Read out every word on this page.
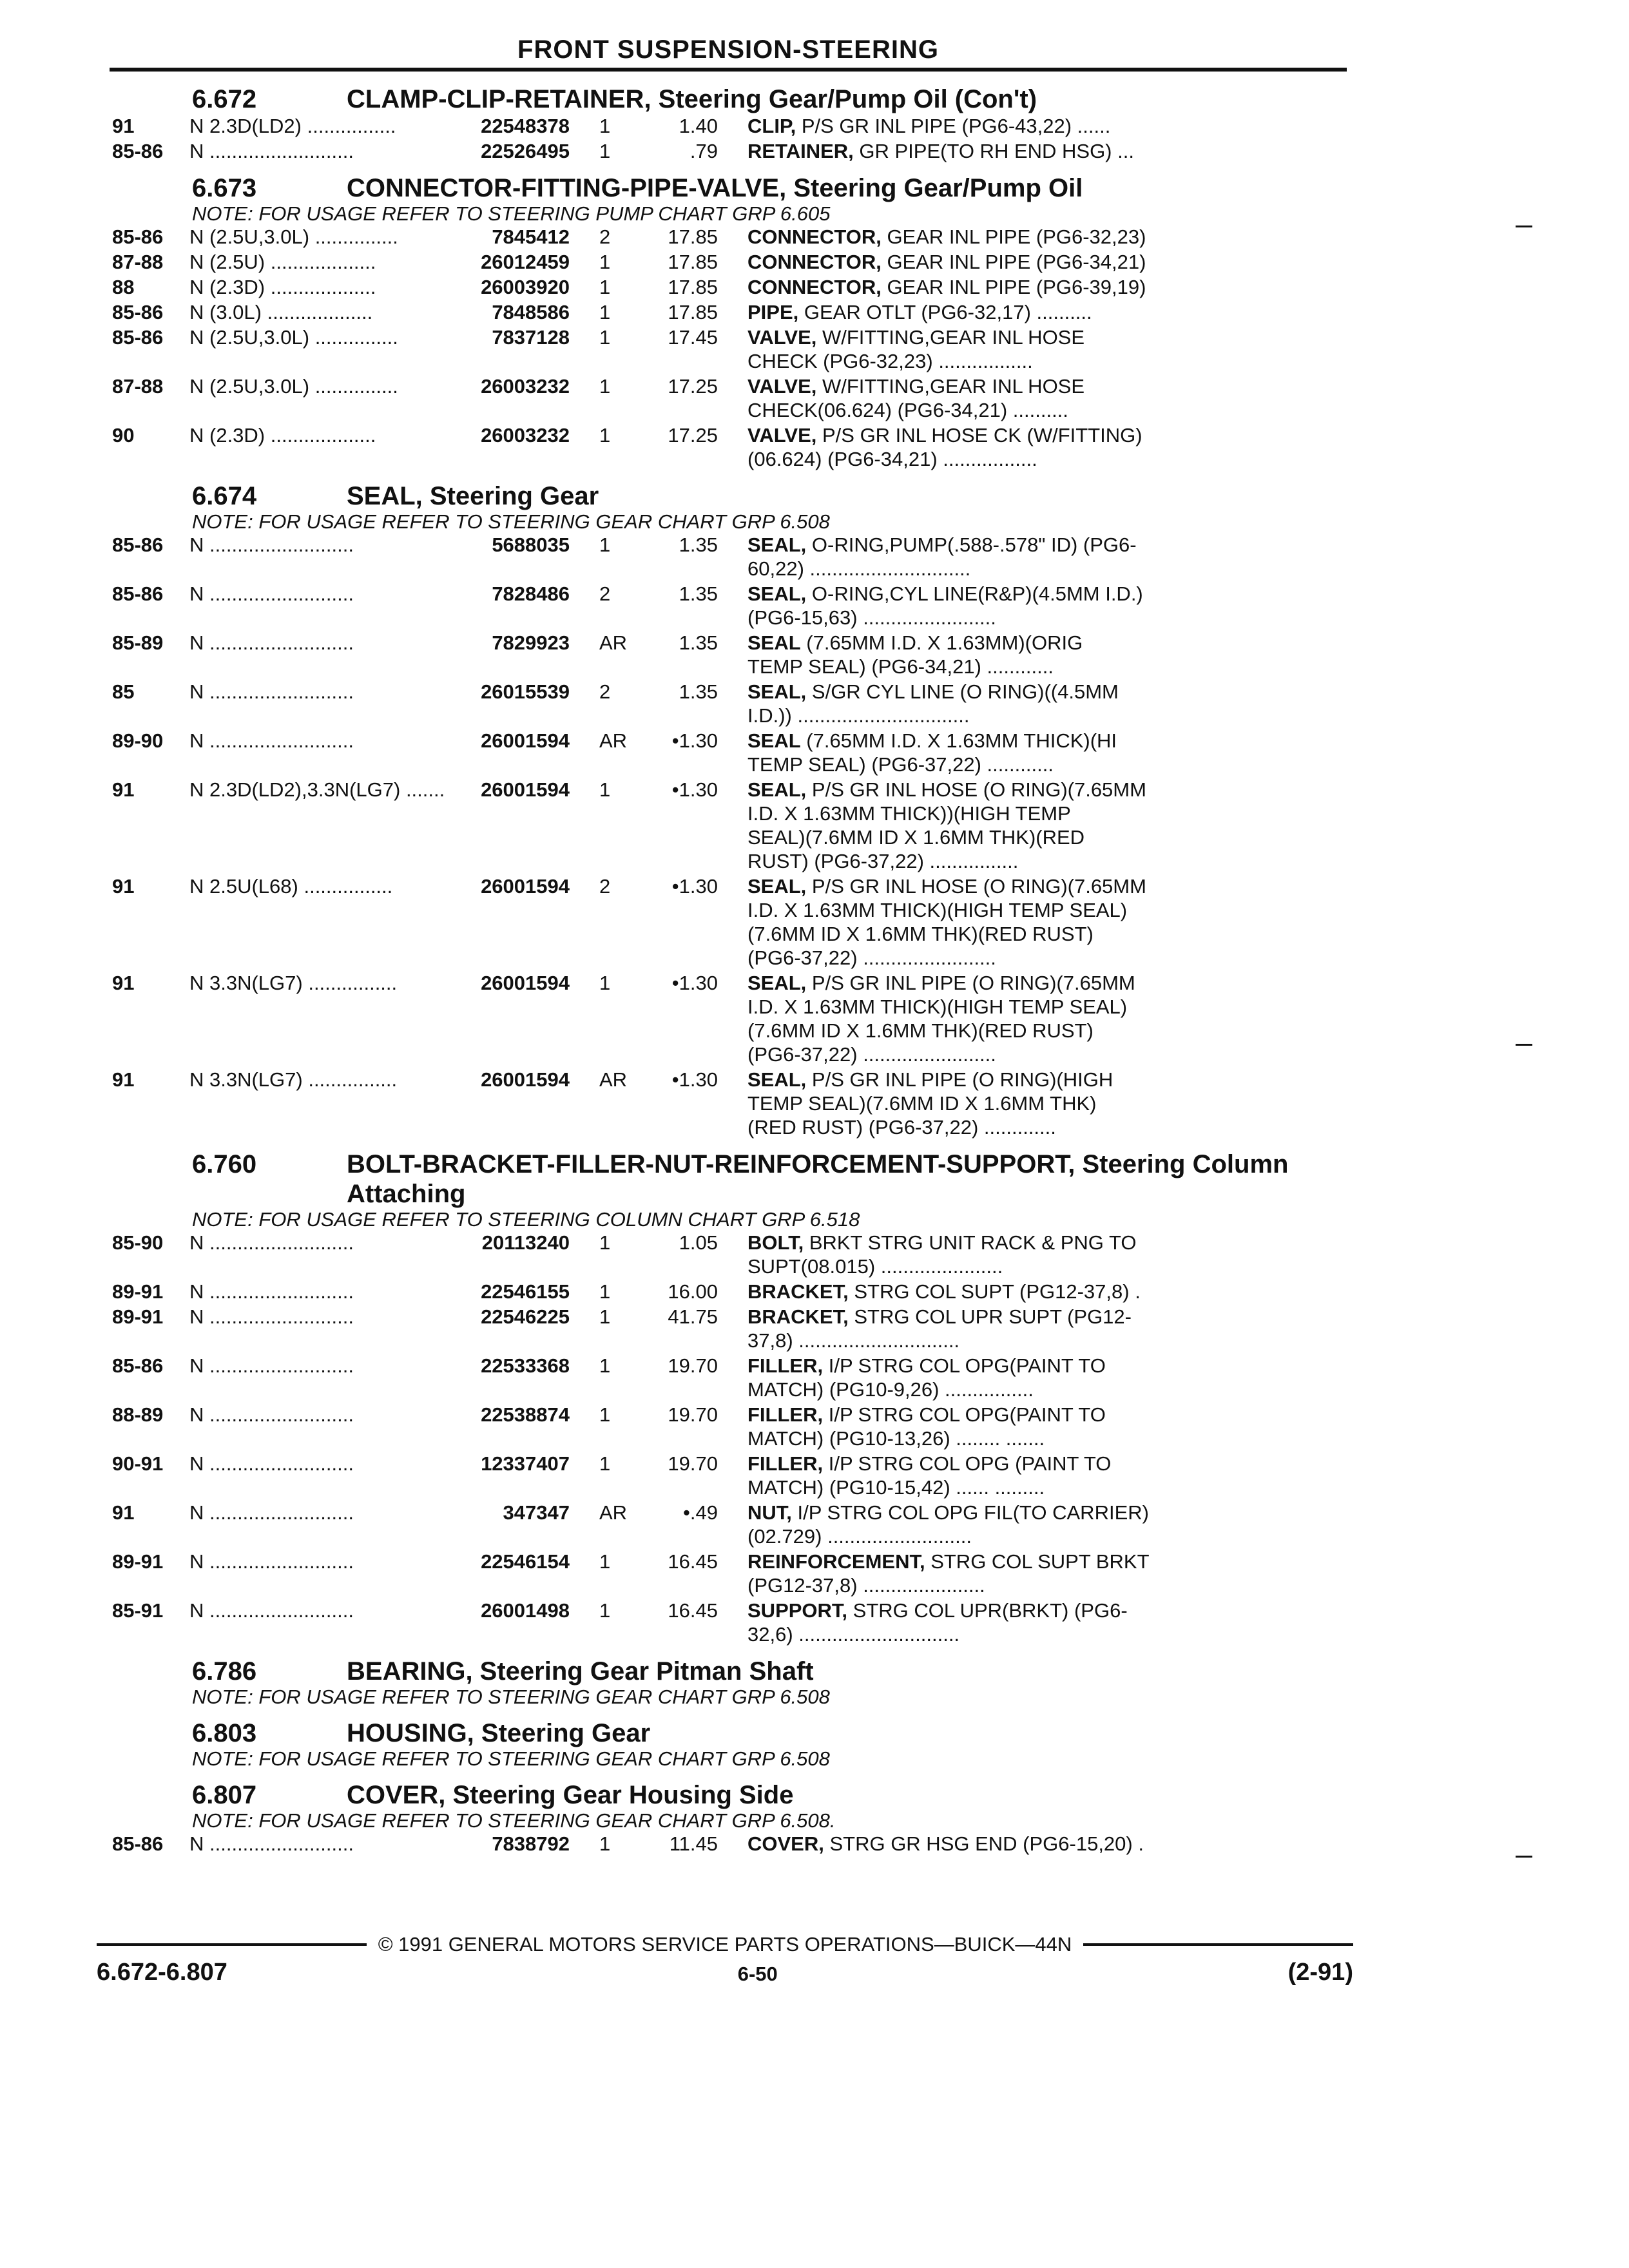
FRONT SUSPENSION-STEERING
6.672	CLAMP-CLIP-RETAINER, Steering Gear/Pump Oil (Con't)
91	N 2.3D(LD2) ................	22548378	1	1.40	CLIP, P/S GR INL PIPE (PG6-43,22) ......
85-86	N ..........................	22526495	1	.79	RETAINER, GR PIPE(TO RH END HSG) ...
6.673	CONNECTOR-FITTING-PIPE-VALVE, Steering Gear/Pump Oil
NOTE: FOR USAGE REFER TO STEERING PUMP CHART GRP 6.605
85-86	N (2.5U,3.0L) ...............	7845412	2	17.85	CONNECTOR, GEAR INL PIPE (PG6-32,23)
87-88	N (2.5U) ...................	26012459	1	17.85	CONNECTOR, GEAR INL PIPE (PG6-34,21)
88	N (2.3D) ...................	26003920	1	17.85	CONNECTOR, GEAR INL PIPE (PG6-39,19)
85-86	N (3.0L) ...................	7848586	1	17.85	PIPE, GEAR OTLT (PG6-32,17) ..........
85-86	N (2.5U,3.0L) ...............	7837128	1	17.45	VALVE, W/FITTING,GEAR INL HOSE
CHECK (PG6-32,23) .................
87-88	N (2.5U,3.0L) ...............	26003232	1	17.25	VALVE, W/FITTING,GEAR INL HOSE
CHECK(06.624) (PG6-34,21) ..........
90	N (2.3D) ...................	26003232	1	17.25	VALVE, P/S GR INL HOSE CK (W/FITTING)
(06.624) (PG6-34,21) .................
6.674	SEAL, Steering Gear
NOTE: FOR USAGE REFER TO STEERING GEAR CHART GRP 6.508
85-86	N ..........................	5688035	1	1.35	SEAL, O-RING,PUMP(.588-.578" ID) (PG6-
60,22) .............................
85-86	N ..........................	7828486	2	1.35	SEAL, O-RING,CYL LINE(R&P)(4.5MM I.D.)
(PG6-15,63) ........................
85-89	N ..........................	7829923	AR	1.35	SEAL (7.65MM I.D. X 1.63MM)(ORIG
TEMP SEAL) (PG6-34,21) ............
85	N ..........................	26015539	2	1.35	SEAL, S/GR CYL LINE (O RING)((4.5MM
I.D.)) ...............................
89-90	N ..........................	26001594	AR	•1.30	SEAL (7.65MM I.D. X 1.63MM THICK)(HI
TEMP SEAL) (PG6-37,22) ............
91	N 2.3D(LD2),3.3N(LG7) .......	26001594	1	•1.30	SEAL, P/S GR INL HOSE (O RING)(7.65MM
I.D. X 1.63MM THICK))(HIGH TEMP
SEAL)(7.6MM ID X 1.6MM THK)(RED
RUST) (PG6-37,22) ................
91	N 2.5U(L68) ................	26001594	2	•1.30	SEAL, P/S GR INL HOSE (O RING)(7.65MM
I.D. X 1.63MM THICK)(HIGH TEMP SEAL)
(7.6MM ID X 1.6MM THK)(RED RUST)
(PG6-37,22) ........................
91	N 3.3N(LG7) ................	26001594	1	•1.30	SEAL, P/S GR INL PIPE (O RING)(7.65MM
I.D. X 1.63MM THICK)(HIGH TEMP SEAL)
(7.6MM ID X 1.6MM THK)(RED RUST)
(PG6-37,22) ........................
91	N 3.3N(LG7) ................	26001594	AR	•1.30	SEAL, P/S GR INL PIPE (O RING)(HIGH
TEMP SEAL)(7.6MM ID X 1.6MM THK)
(RED RUST) (PG6-37,22) .............
6.760	BOLT-BRACKET-FILLER-NUT-REINFORCEMENT-SUPPORT, Steering Column Attaching
NOTE: FOR USAGE REFER TO STEERING COLUMN CHART GRP 6.518
85-90	N ..........................	20113240	1	1.05	BOLT, BRKT STRG UNIT RACK & PNG TO
SUPT(08.015) ......................
89-91	N ..........................	22546155	1	16.00	BRACKET, STRG COL SUPT (PG12-37,8) .
89-91	N ..........................	22546225	1	41.75	BRACKET, STRG COL UPR SUPT (PG12-
37,8) .............................
85-86	N ..........................	22533368	1	19.70	FILLER, I/P STRG COL OPG(PAINT TO
MATCH) (PG10-9,26) ................
88-89	N ..........................	22538874	1	19.70	FILLER, I/P STRG COL OPG(PAINT TO
MATCH) (PG10-13,26) ........ .......
90-91	N ..........................	12337407	1	19.70	FILLER, I/P STRG COL OPG (PAINT TO
MATCH) (PG10-15,42) ...... .........
91	N ..........................	347347	AR	•.49	NUT, I/P STRG COL OPG FIL(TO CARRIER)
(02.729) ..........................
89-91	N ..........................	22546154	1	16.45	REINFORCEMENT, STRG COL SUPT BRKT
(PG12-37,8) ......................
85-91	N ..........................	26001498	1	16.45	SUPPORT, STRG COL UPR(BRKT) (PG6-
32,6) .............................
6.786	BEARING, Steering Gear Pitman Shaft
NOTE: FOR USAGE REFER TO STEERING GEAR CHART GRP 6.508
6.803	HOUSING, Steering Gear
NOTE: FOR USAGE REFER TO STEERING GEAR CHART GRP 6.508
6.807	COVER, Steering Gear Housing Side
NOTE: FOR USAGE REFER TO STEERING GEAR CHART GRP 6.508.
85-86	N ..........................	7838792	1	11.45	COVER, STRG GR HSG END (PG6-15,20) .
© 1991 GENERAL MOTORS SERVICE PARTS OPERATIONS—BUICK—44N
6.672-6.807	6-50	(2-91)
